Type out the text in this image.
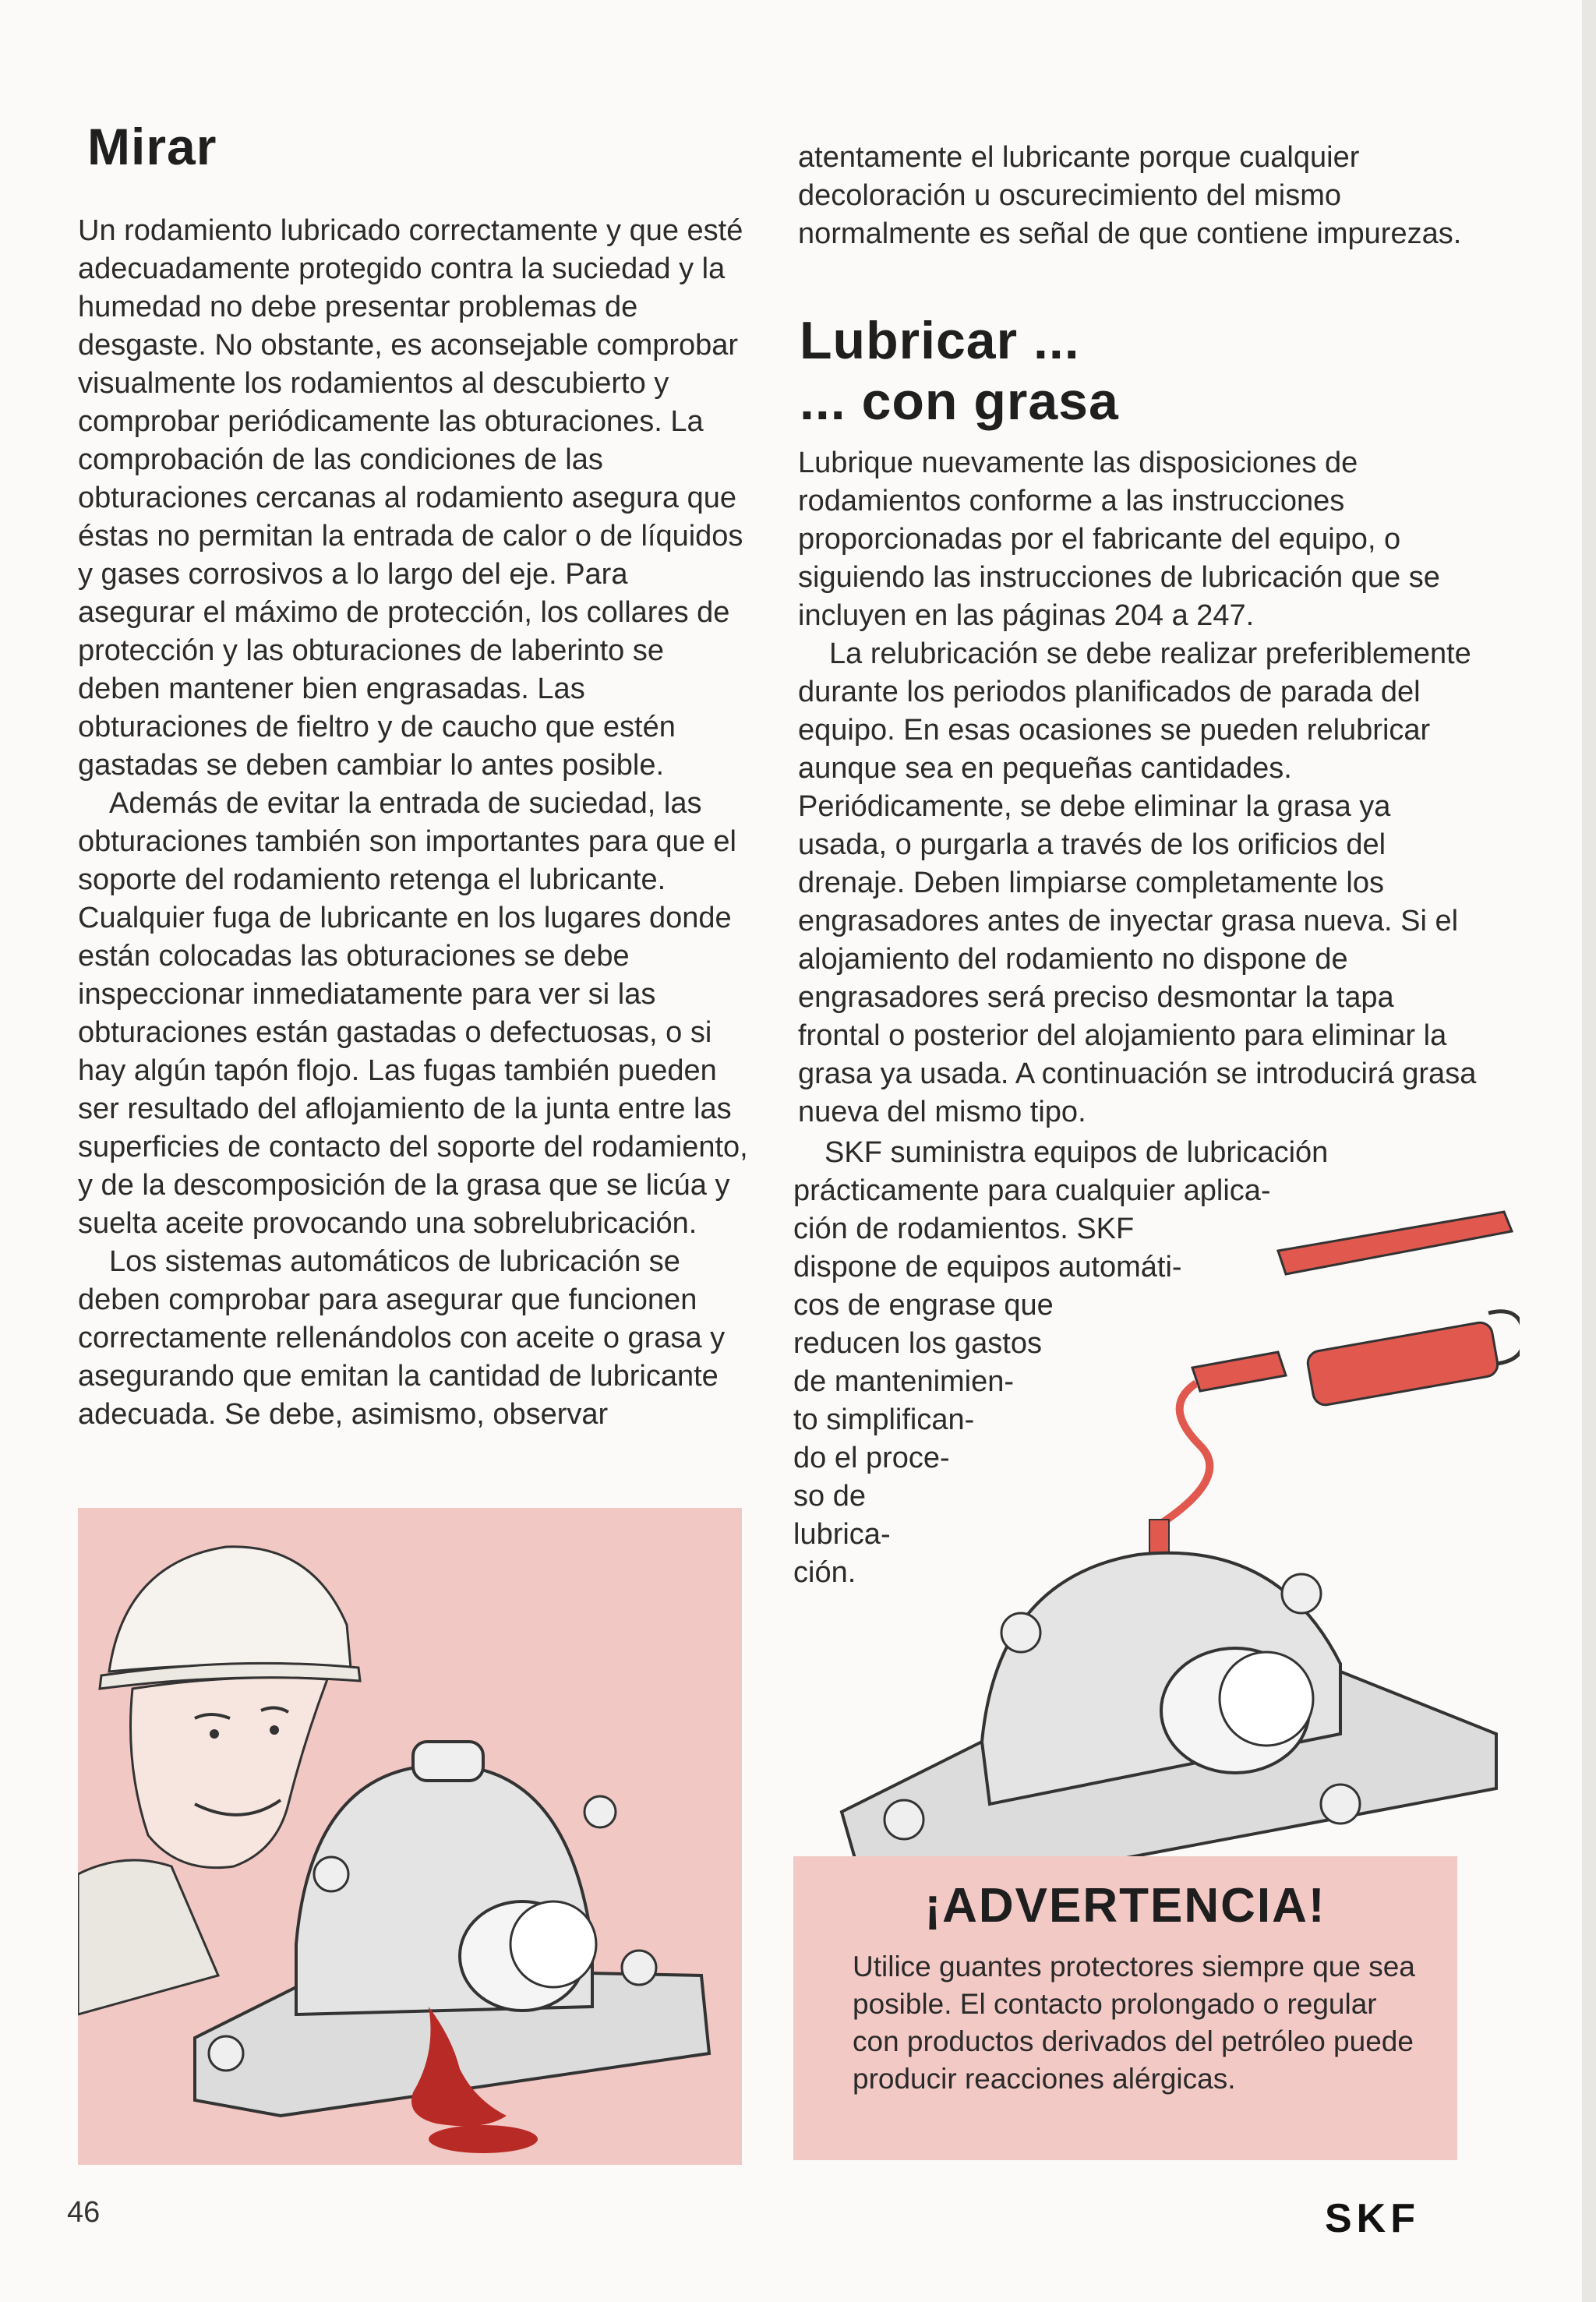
Mirar

Un rodamiento lubricado correctamente y que esté adecuadamente protegido contra la suciedad y la humedad no debe presentar problemas de desgaste. No obstante, es aconsejable comprobar visualmente los rodamientos al descubierto y comprobar periódicamente las obturaciones. La comprobación de las condiciones de las obturaciones cercanas al rodamiento asegura que éstas no permitan la entrada de calor o de líquidos y gases corrosivos a lo largo del eje. Para asegurar el máximo de protección, los collares de protección y las obturaciones de laberinto se deben mantener bien engrasadas. Las obturaciones de fieltro y de caucho que estén gastadas se deben cambiar lo antes posible.

Además de evitar la entrada de suciedad, las obturaciones también son importantes para que el soporte del rodamiento retenga el lubricante. Cualquier fuga de lubricante en los lugares donde están colocadas las obturaciones se debe inspeccionar inmediatamente para ver si las obturaciones están gastadas o defectuosas, o si hay algún tapón flojo. Las fugas también pueden ser resultado del aflojamiento de la junta entre las superficies de contacto del soporte del rodamiento, y de la descomposición de la grasa que se licúa y suelta aceite provocando una sobrelubricación.

Los sistemas automáticos de lubricación se deben comprobar para asegurar que funcionen correctamente rellenándolos con aceite o grasa y asegurando que emitan la cantidad de lubricante adecuada. Se debe, asimismo, observar

atentamente el lubricante porque cualquier decoloración u oscurecimiento del mismo normalmente es señal de que contiene impurezas.

Lubricar ...
... con grasa

Lubrique nuevamente las disposiciones de rodamientos conforme a las instrucciones proporcionadas por el fabricante del equipo, o siguiendo las instrucciones de lubricación que se incluyen en las páginas 204 a 247.

La relubricación se debe realizar preferiblemente durante los periodos planificados de parada del equipo. En esas ocasiones se pueden relubricar aunque sea en pequeñas cantidades. Periódicamente, se debe eliminar la grasa ya usada, o purgarla a través de los orificios del drenaje. Deben limpiarse completamente los engrasadores antes de inyectar grasa nueva. Si el alojamiento del rodamiento no dispone de engrasadores será preciso desmontar la tapa frontal o posterior del alojamiento para eliminar la grasa ya usada. A continuación se introducirá grasa nueva del mismo tipo.

SKF suministra equipos de lubricación
prácticamente para cualquier aplica-
ción de rodamientos. SKF
dispone de equipos automáti-
cos de engrase que
reducen los gastos
de mantenimien-
to simplifican-
do el proce-
so de
lubrica-
ción.
¡ADVERTENCIA!

Utilice guantes protectores siempre que sea posible. El contacto prolongado o regular con productos derivados del petróleo puede producir reacciones alérgicas.

46	SKF
